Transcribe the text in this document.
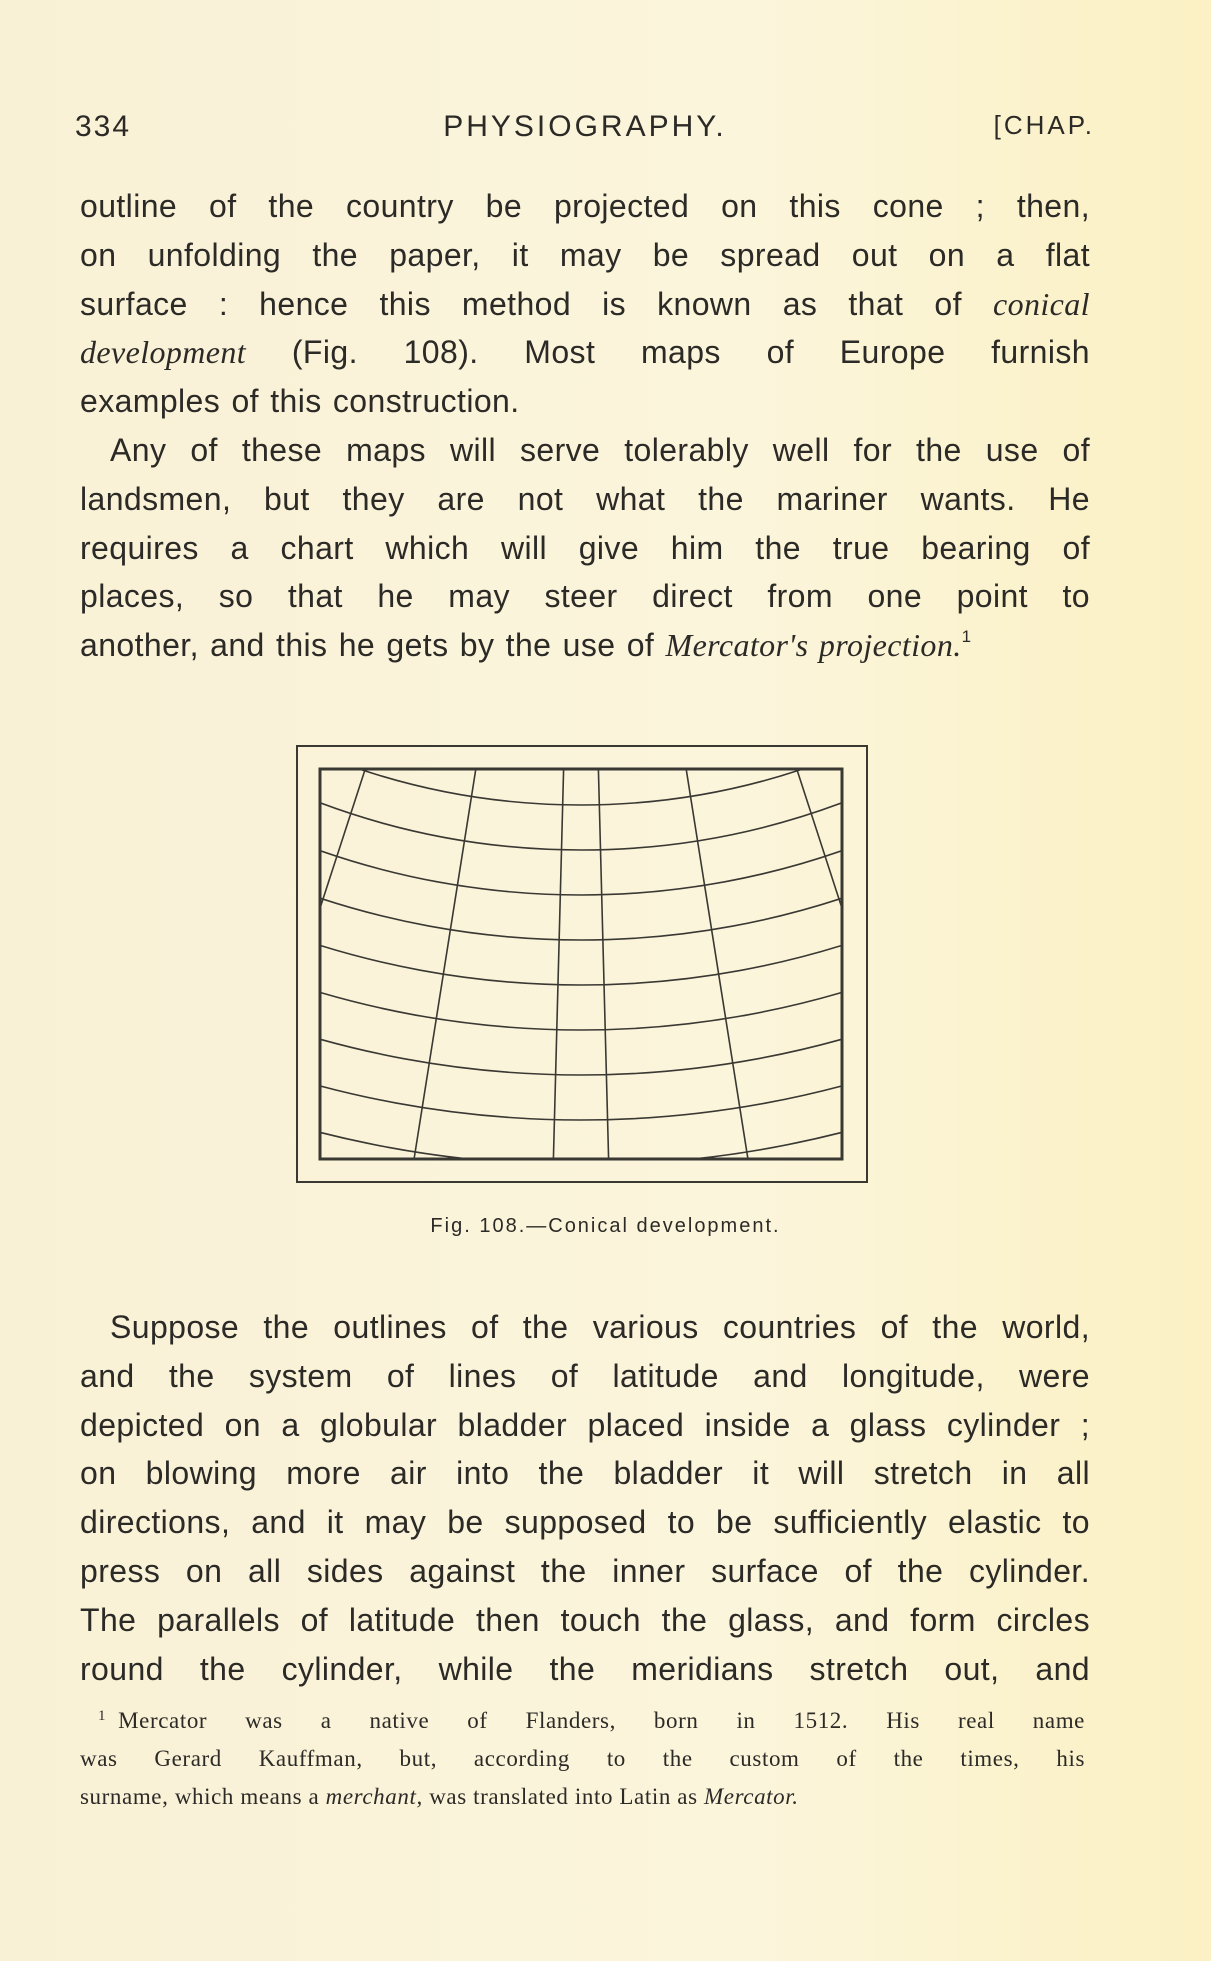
334	PHYSIOGRAPHY.	[CHAP.
outline of the country be projected on this cone ; then,
on unfolding the paper, it may be spread out on a flat
surface : hence this method is known as that of conical
development (Fig. 108). Most maps of Europe furnish
examples of this construction.
Any of these maps will serve tolerably well for the use of
landsmen, but they are not what the mariner wants. He
requires a chart which will give him the true bearing of
places, so that he may steer direct from one point to
another, and this he gets by the use of Mercator's projection.$^1$
Fig. 108.—Conical development.
Suppose the outlines of the various countries of the world,
and the system of lines of latitude and longitude, were
depicted on a globular bladder placed inside a glass cylinder ;
on blowing more air into the bladder it will stretch in all
directions, and it may be supposed to be sufficiently elastic to
press on all sides against the inner surface of the cylinder.
The parallels of latitude then touch the glass, and form circles
round the cylinder, while the meridians stretch out, and
$^1$ Mercator was a native of Flanders, born in 1512. His real name
was Gerard Kauffman, but, according to the custom of the times, his
surname, which means a merchant, was translated into Latin as Mercator.
